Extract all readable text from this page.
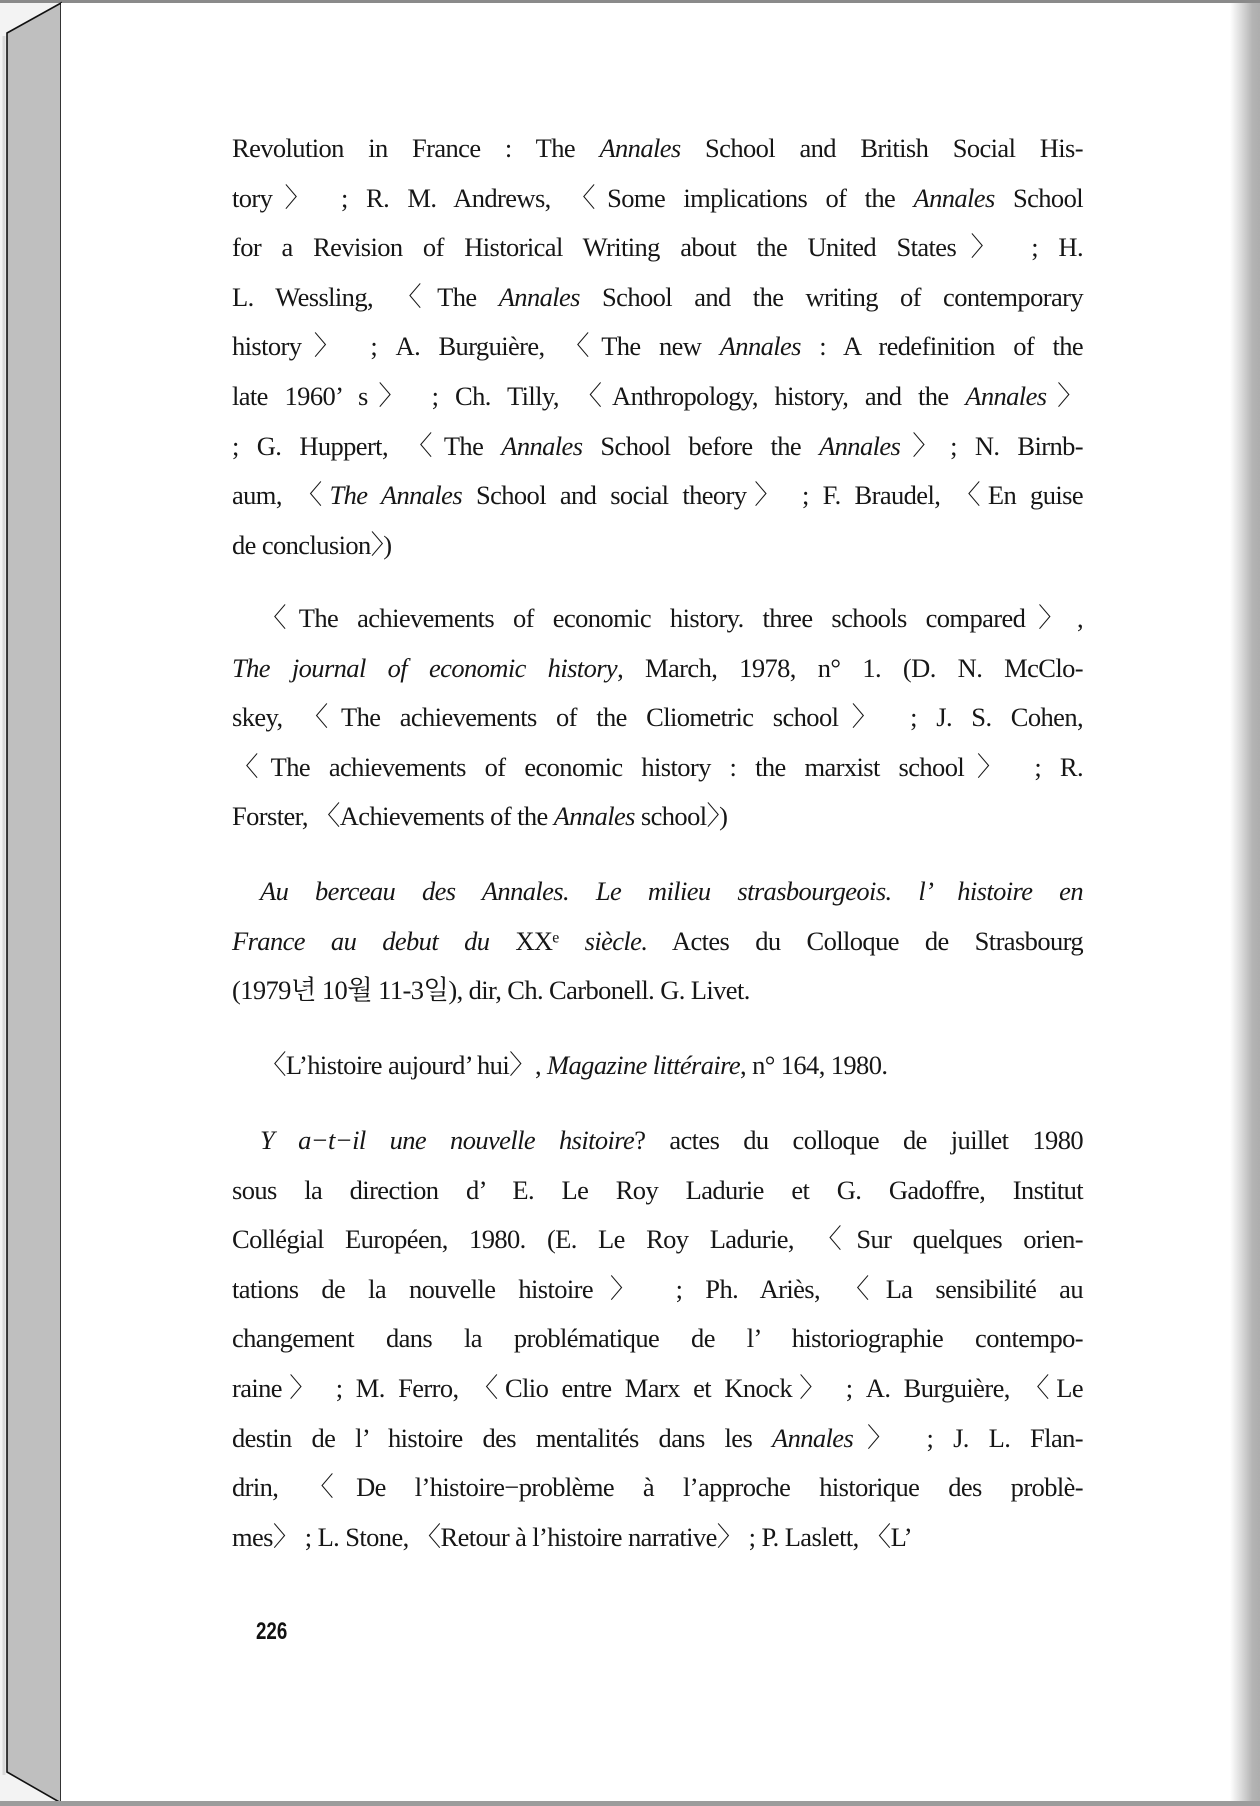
Revolution in France : The Annales School and British Social His-
tory〉 ; R. M. Andrews, 〈Some implications of the Annales School
for a Revision of Historical Writing about the United States〉 ; H.
L. Wessling, 〈The Annales School and the writing of contemporary
history〉 ; A. Burguière, 〈The new Annales : A redefinition of the
late 1960’ s〉 ; Ch. Tilly, 〈Anthropology, history, and the Annales〉
; G. Huppert, 〈The Annales School before the Annales〉; N. Birnb-
aum, 〈The Annales School and social theory〉 ; F. Braudel, 〈En guise
de conclusion〉)
〈The achievements of economic history. three schools compared〉,
The journal of economic history, March, 1978, n° 1. (D. N. McClo-
skey, 〈The achievements of the Cliometric school〉 ; J. S. Cohen,
〈The achievements of economic history : the marxist school〉 ; R.
Forster, 〈Achievements of the Annales school〉)
Au berceau des Annales. Le milieu strasbourgeois. l’ histoire en
France au debut du XXᵉ siècle. Actes du Colloque de Strasbourg
(1979년 10월 11-3일), dir, Ch. Carbonell. G. Livet.
〈L’histoire aujourd’ hui〉, Magazine littéraire, n° 164, 1980.
Y a−t−il une nouvelle hsitoire? actes du colloque de juillet 1980
sous la direction d’ E. Le Roy Ladurie et G. Gadoffre, Institut
Collégial Européen, 1980. (E. Le Roy Ladurie, 〈Sur quelques orien-
tations de la nouvelle histoire〉 ; Ph. Ariès, 〈La sensibilité au
changement dans la problématique de l’ historiographie contempo-
raine〉 ; M. Ferro, 〈Clio entre Marx et Knock〉 ; A. Burguière, 〈Le
destin de l’ histoire des mentalités dans les Annales〉 ; J. L. Flan-
drin, 〈De l’histoire−problème à l’approche historique des problè-
mes〉 ; L. Stone, 〈Retour à l’histoire narrative〉 ; P. Laslett, 〈L’
226
